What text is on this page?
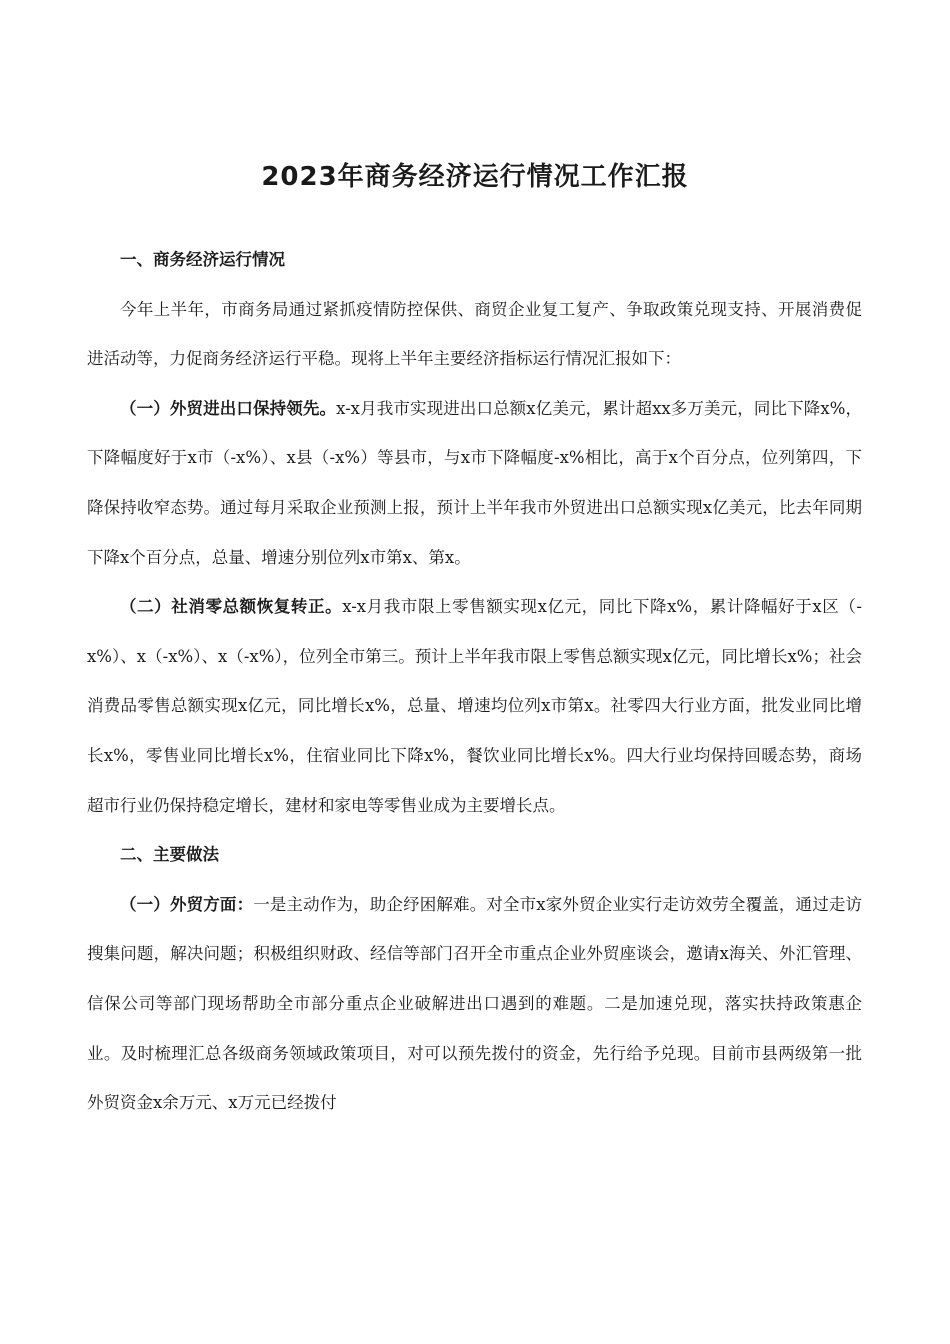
2023年商务经济运行情况工作汇报

一、商务经济运行情况

今年上半年，市商务局通过紧抓疫情防控保供、商贸企业复工复产、争取政策兑现支持、开展消费促进活动等，力促商务经济运行平稳。现将上半年主要经济指标运行情况汇报如下：

（一）外贸进出口保持领先。x-x月我市实现进出口总额x亿美元，累计超xx多万美元，同比下降x%，下降幅度好于x市（-x%）、x县（-x%）等县市，与x市下降幅度-x%相比，高于x个百分点，位列第四，下降保持收窄态势。通过每月采取企业预测上报，预计上半年我市外贸进出口总额实现x亿美元，比去年同期下降x个百分点，总量、增速分别位列x市第x、第x。

（二）社消零总额恢复转正。x-x月我市限上零售额实现x亿元，同比下降x%，累计降幅好于x区（-x%）、x（-x%）、x（-x%），位列全市第三。预计上半年我市限上零售总额实现x亿元，同比增长x%；社会消费品零售总额实现x亿元，同比增长x%，总量、增速均位列x市第x。社零四大行业方面，批发业同比增长x%，零售业同比增长x%，住宿业同比下降x%，餐饮业同比增长x%。四大行业均保持回暖态势，商场超市行业仍保持稳定增长，建材和家电等零售业成为主要增长点。

二、主要做法

（一）外贸方面：一是主动作为，助企纾困解难。对全市x家外贸企业实行走访效劳全覆盖，通过走访搜集问题，解决问题；积极组织财政、经信等部门召开全市重点企业外贸座谈会，邀请x海关、外汇管理、信保公司等部门现场帮助全市部分重点企业破解进出口遇到的难题。二是加速兑现，落实扶持政策惠企业。及时梳理汇总各级商务领域政策项目，对可以预先拨付的资金，先行给予兑现。目前市县两级第一批外贸资金x余万元、x万元已经拨付
